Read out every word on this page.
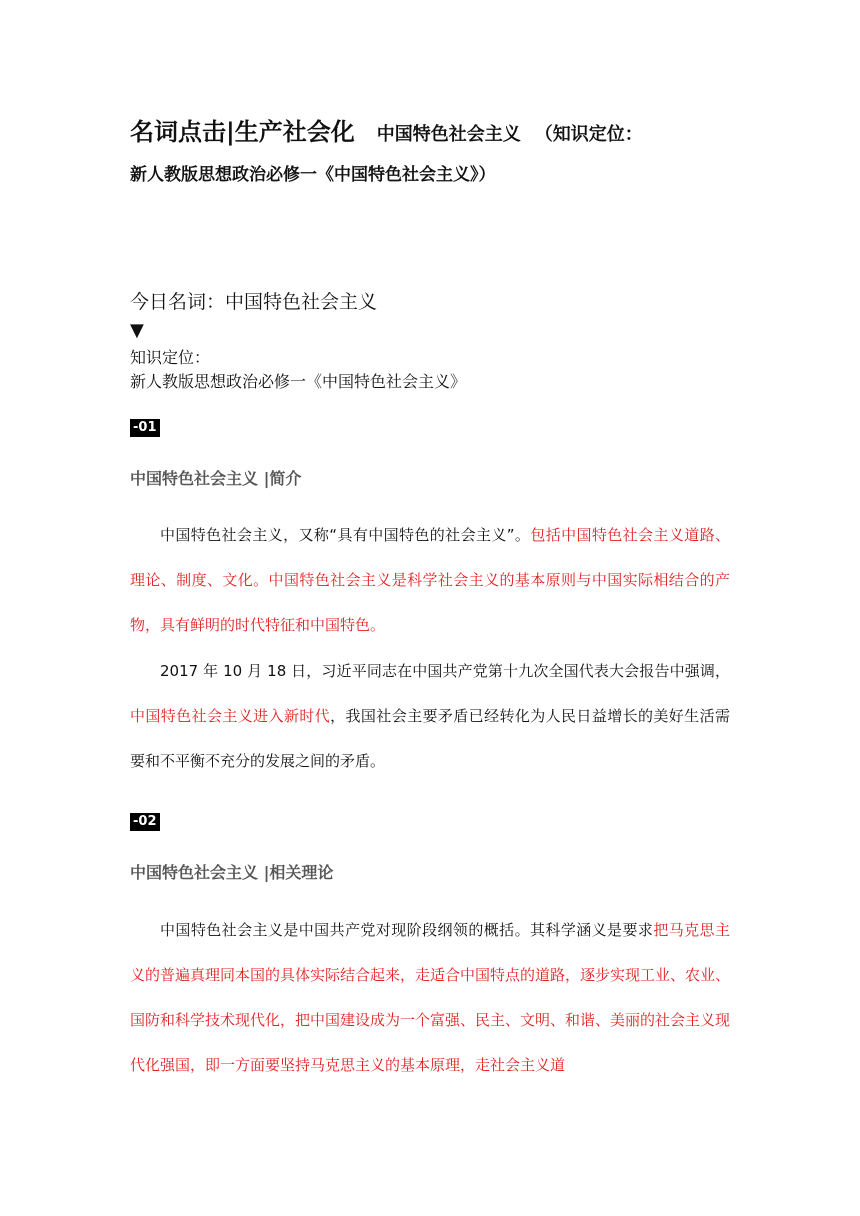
名词点击|生产社会化 中国特色社会主义 （知识定位：
新人教版思想政治必修一《中国特色社会主义》）
今日名词：中国特色社会主义
▼
知识定位：
新人教版思想政治必修一《中国特色社会主义》
-01
中国特色社会主义 |简介

中国特色社会主义，又称“具有中国特色的社会主义”。包括中国特色社会主义道路、理论、制度、文化。中国特色社会主义是科学社会主义的基本原则与中国实际相结合的产物，具有鲜明的时代特征和中国特色。

2017 年 10 月 18 日，习近平同志在中国共产党第十九次全国代表大会报告中强调，中国特色社会主义进入新时代，我国社会主要矛盾已经转化为人民日益增长的美好生活需要和不平衡不充分的发展之间的矛盾。

-02
中国特色社会主义 |相关理论

中国特色社会主义是中国共产党对现阶段纲领的概括。其科学涵义是要求把马克思主义的普遍真理同本国的具体实际结合起来，走适合中国特点的道路，逐步实现工业、农业、国防和科学技术现代化，把中国建设成为一个富强、民主、文明、和谐、美丽的社会主义现代化强国，即一方面要坚持马克思主义的基本原理，走社会主义道
